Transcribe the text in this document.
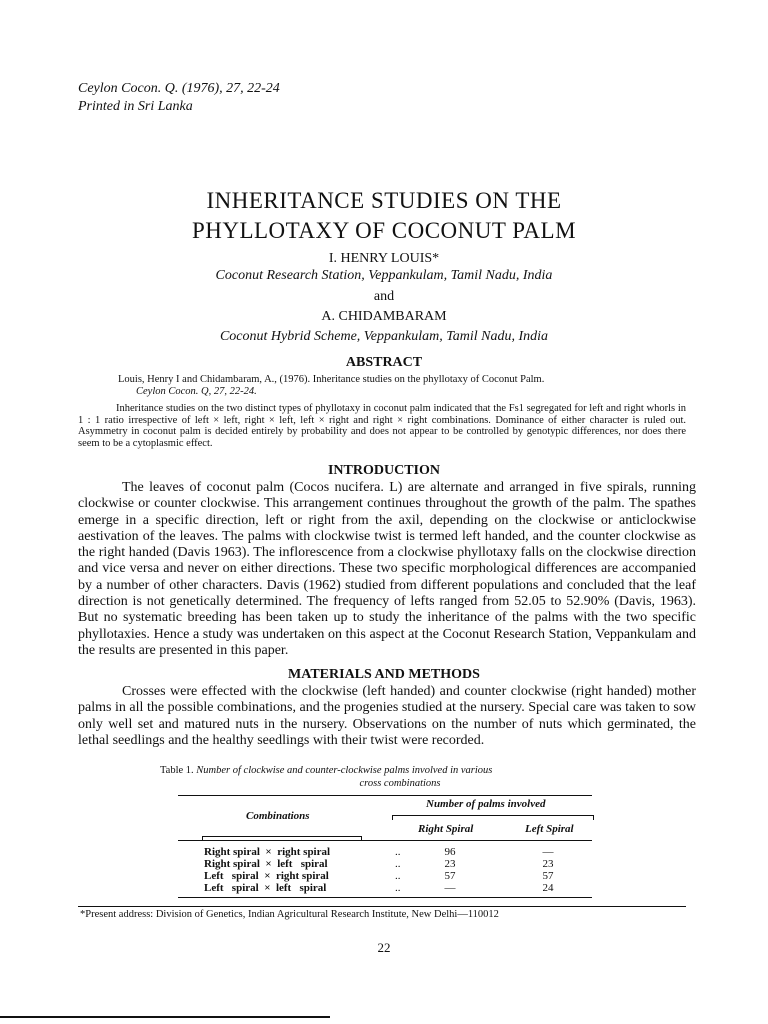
Ceylon Cocon. Q. (1976), 27, 22-24
Printed in Sri Lanka
INHERITANCE STUDIES ON THE
PHYLLOTAXY OF COCONUT PALM
I. HENRY LOUIS*
Coconut Research Station, Veppankulam, Tamil Nadu, India
and
A. CHIDAMBARAM
Coconut Hybrid Scheme, Veppankulam, Tamil Nadu, India
ABSTRACT
Louis, Henry I and Chidambaram, A., (1976). Inheritance studies on the phyllotaxy of Coconut Palm.
Ceylon Cocon. Q, 27, 22-24.
Inheritance studies on the two distinct types of phyllotaxy in coconut palm indicated that the Fs1 segregated for left and right whorls in 1 : 1 ratio irrespective of left × left, right × left, left × right and right × right combinations. Dominance of either character is ruled out. Asymmetry in coconut palm is decided entirely by probability and does not appear to be controlled by genotypic differences, nor does there seem to be a cytoplasmic effect.
INTRODUCTION
The leaves of coconut palm (Cocos nucifera. L) are alternate and arranged in five spirals, running clockwise or counter clockwise. This arrangement continues throughout the growth of the palm. The spathes emerge in a specific direction, left or right from the axil, depending on the clockwise or anticlockwise aestivation of the leaves. The palms with clockwise twist is termed left handed, and the counter clockwise as the right handed (Davis 1963). The inflorescence from a clockwise phyllotaxy falls on the clockwise direction and vice versa and never on either directions. These two specific morphological differences are accompanied by a number of other characters. Davis (1962) studied from different populations and concluded that the leaf direction is not genetically determined. The frequency of lefts ranged from 52.05 to 52.90% (Davis, 1963). But no systematic breeding has been taken up to study the inheritance of the palms with the two specific phyllotaxies. Hence a study was undertaken on this aspect at the Coconut Research Station, Veppankulam and the results are presented in this paper.
MATERIALS AND METHODS
Crosses were effected with the clockwise (left handed) and counter clockwise (right handed) mother palms in all the possible combinations, and the progenies studied at the nursery. Special care was taken to sow only well set and matured nuts in the nursery. Observations on the number of nuts which germinated, the lethal seedlings and the healthy seedlings with their twist were recorded.
Table 1. Number of clockwise and counter-clockwise palms involved in various
cross combinations
Number of palms involved
Combinations
Right Spiral	Left Spiral
Right spiral  ×  right spiral	..	96	—
Right spiral  ×  left   spiral	..	23	23
Left   spiral  ×  right spiral	..	57	57
Left   spiral  ×  left   spiral	..	—	24
*Present address: Division of Genetics, Indian Agricultural Research Institute, New Delhi—110012
22
